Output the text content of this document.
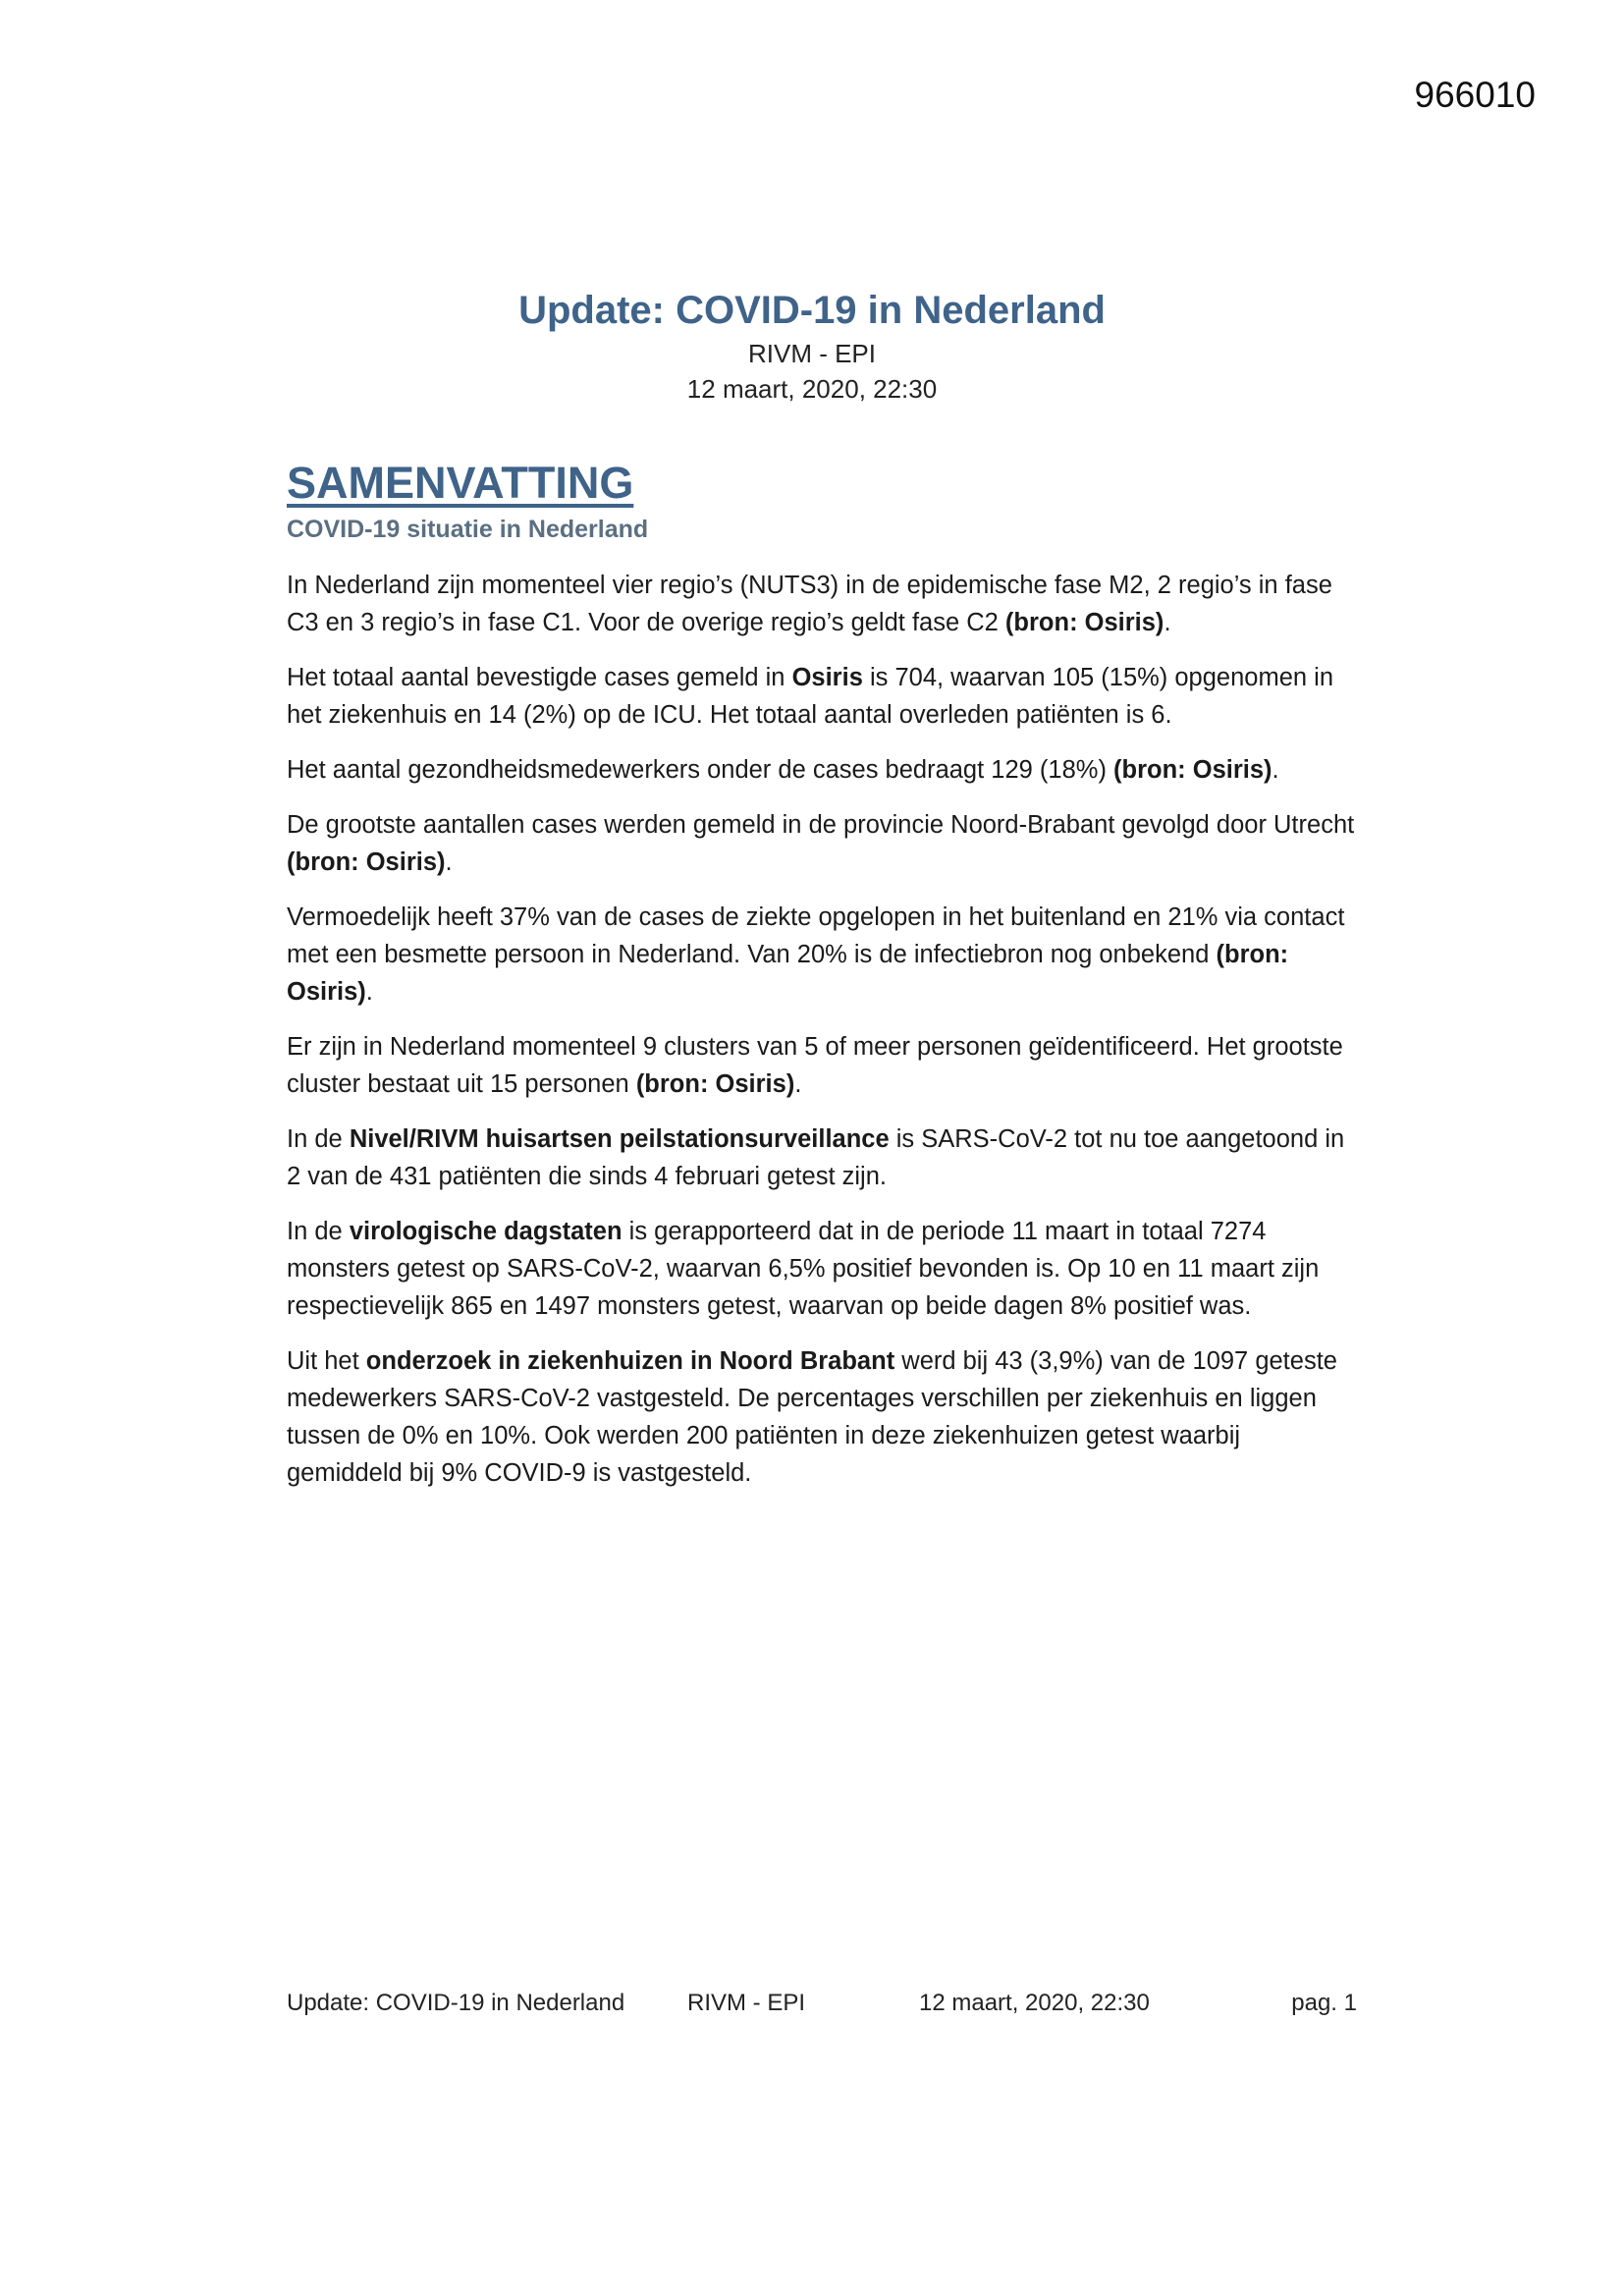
966010
Update: COVID-19 in Nederland
RIVM - EPI
12 maart, 2020, 22:30
SAMENVATTING
COVID-19 situatie in Nederland

In Nederland zijn momenteel vier regio’s (NUTS3) in de epidemische fase M2, 2 regio’s in fase C3 en 3 regio’s in fase C1. Voor de overige regio’s geldt fase C2 (bron: Osiris).

Het totaal aantal bevestigde cases gemeld in Osiris is 704, waarvan 105 (15%) opgenomen in het ziekenhuis en 14 (2%) op de ICU. Het totaal aantal overleden patiënten is 6.

Het aantal gezondheidsmedewerkers onder de cases bedraagt 129 (18%) (bron: Osiris).

De grootste aantallen cases werden gemeld in de provincie Noord-Brabant gevolgd door Utrecht (bron: Osiris).

Vermoedelijk heeft 37% van de cases de ziekte opgelopen in het buitenland en 21% via contact met een besmette persoon in Nederland. Van 20% is de infectiebron nog onbekend (bron: Osiris).

Er zijn in Nederland momenteel 9 clusters van 5 of meer personen geïdentificeerd. Het grootste cluster bestaat uit 15 personen (bron: Osiris).

In de Nivel/RIVM huisartsen peilstationsurveillance is SARS-CoV-2 tot nu toe aangetoond in 2 van de 431 patiënten die sinds 4 februari getest zijn.

In de virologische dagstaten is gerapporteerd dat in de periode 11 maart in totaal 7274 monsters getest op SARS-CoV-2, waarvan 6,5% positief bevonden is. Op 10 en 11 maart zijn respectievelijk 865 en 1497 monsters getest, waarvan op beide dagen 8% positief was.

Uit het onderzoek in ziekenhuizen in Noord Brabant werd bij 43 (3,9%) van de 1097 geteste medewerkers SARS-CoV-2 vastgesteld. De percentages verschillen per ziekenhuis en liggen tussen de 0% en 10%. Ook werden 200 patiënten in deze ziekenhuizen getest waarbij gemiddeld bij 9% COVID-9 is vastgesteld.

Update: COVID-19 in Nederland	RIVM - EPI	12 maart, 2020, 22:30	pag. 1
